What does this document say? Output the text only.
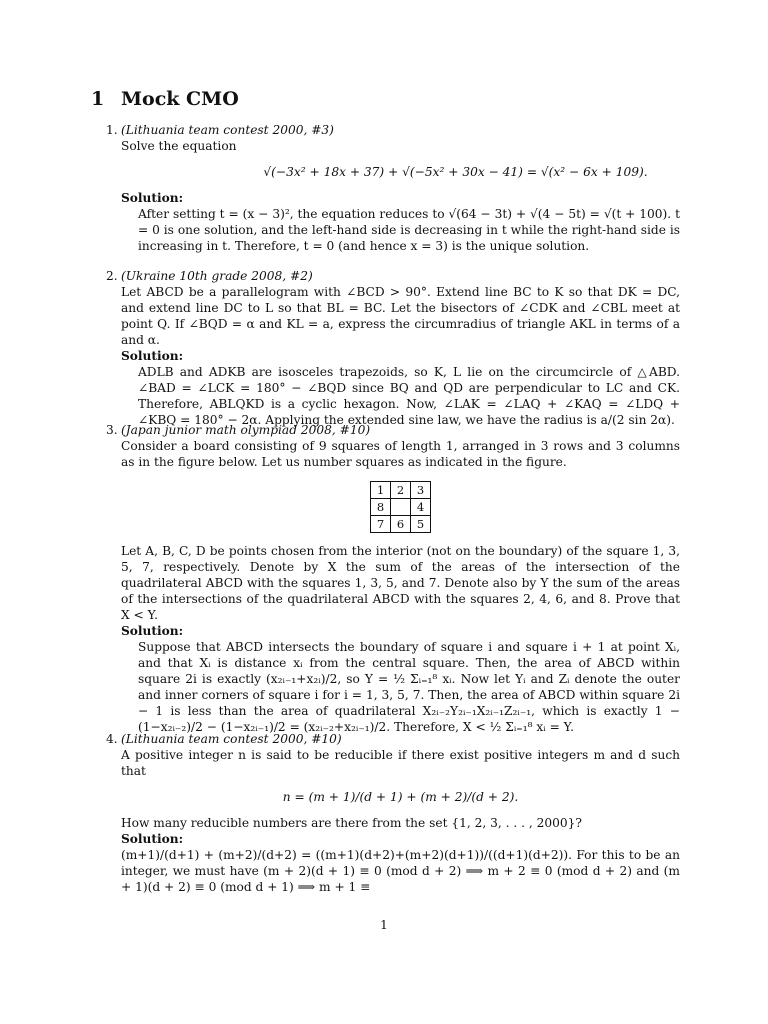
1 Mock CMO
1. (Lithuania team contest 2000, #3)
Solve the equation
√(−3x² + 18x + 37) + √(−5x² + 30x − 41) = √(x² − 6x + 109).
Solution:
After setting t = (x − 3)², the equation reduces to √(64 − 3t) + √(4 − 5t) = √(t + 100). t = 0 is one solution, and the left-hand side is decreasing in t while the right-hand side is increasing in t. Therefore, t = 0 (and hence x = 3) is the unique solution.
2. (Ukraine 10th grade 2008, #2)
Let ABCD be a parallelogram with ∠BCD > 90°. Extend line BC to K so that DK = DC, and extend line DC to L so that BL = BC. Let the bisectors of ∠CDK and ∠CBL meet at point Q. If ∠BQD = α and KL = a, express the circumradius of triangle AKL in terms of a and α.
Solution:
ADLB and ADKB are isosceles trapezoids, so K, L lie on the circumcircle of △ABD. ∠BAD = ∠LCK = 180° − ∠BQD since BQ and QD are perpendicular to LC and CK. Therefore, ABLQKD is a cyclic hexagon. Now, ∠LAK = ∠LAQ + ∠KAQ = ∠LDQ + ∠KBQ = 180° − 2α. Applying the extended sine law, we have the radius is a/(2 sin 2α).
3. (Japan junior math olympiad 2008, #10)
Consider a board consisting of 9 squares of length 1, arranged in 3 rows and 3 columns as in the figure below. Let us number squares as indicated in the figure.
1	2	3
8		4
7	6	5
Let A, B, C, D be points chosen from the interior (not on the boundary) of the square 1, 3, 5, 7, respectively. Denote by X the sum of the areas of the intersection of the quadrilateral ABCD with the squares 1, 3, 5, and 7. Denote also by Y the sum of the areas of the intersections of the quadrilateral ABCD with the squares 2, 4, 6, and 8. Prove that X < Y.
Solution:
Suppose that ABCD intersects the boundary of square i and square i + 1 at point Xᵢ, and that Xᵢ is distance xᵢ from the central square. Then, the area of ABCD within square 2i is exactly (x₂ᵢ₋₁+x₂ᵢ)/2, so Y = ½ Σᵢ₌₁⁸ xᵢ. Now let Yᵢ and Zᵢ denote the outer and inner corners of square i for i = 1, 3, 5, 7. Then, the area of ABCD within square 2i − 1 is less than the area of quadrilateral X₂ᵢ₋₂Y₂ᵢ₋₁X₂ᵢ₋₁Z₂ᵢ₋₁, which is exactly 1 − (1−x₂ᵢ₋₂)/2 − (1−x₂ᵢ₋₁)/2 = (x₂ᵢ₋₂+x₂ᵢ₋₁)/2. Therefore, X < ½ Σᵢ₌₁⁸ xᵢ = Y.
4. (Lithuania team contest 2000, #10)
A positive integer n is said to be reducible if there exist positive integers m and d such that
n = (m + 1)/(d + 1) + (m + 2)/(d + 2).
How many reducible numbers are there from the set {1, 2, 3, . . . , 2000}?
Solution:
(m+1)/(d+1) + (m+2)/(d+2) = ((m+1)(d+2)+(m+2)(d+1))/((d+1)(d+2)). For this to be an integer, we must have (m + 2)(d + 1) ≡ 0 (mod d + 2) ⟹ m + 2 ≡ 0 (mod d + 2) and (m + 1)(d + 2) ≡ 0 (mod d + 1) ⟹ m + 1 ≡
1
